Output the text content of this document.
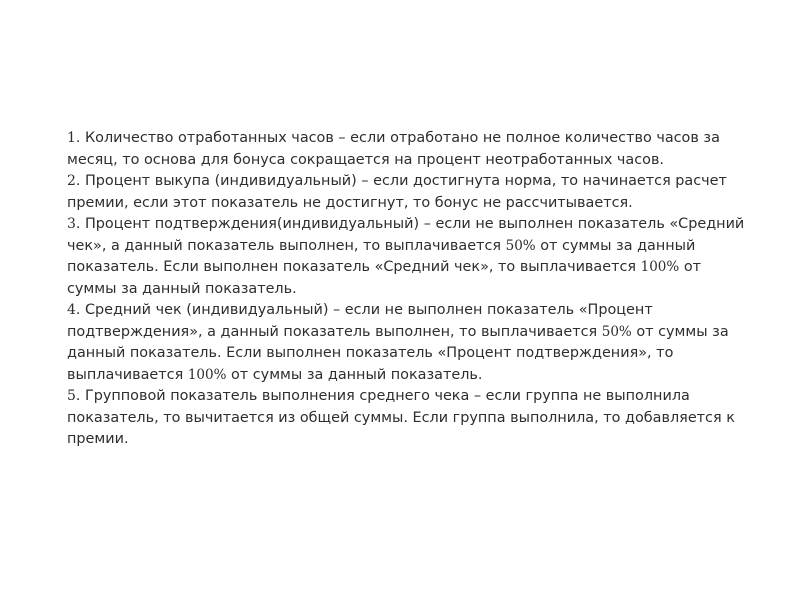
1. Количество отработанных часов – если отработано не полное количество часов за месяц, то основа для бонуса сокращается на процент неотработанных часов.

2. Процент выкупа (индивидуальный) – если достигнута норма, то начинается расчет премии, если этот показатель не достигнут, то бонус не рассчитывается.

3. Процент подтверждения(индивидуальный) – если не выполнен показатель «Средний чек», а данный показатель выполнен, то выплачивается 50% от суммы за данный показатель. Если выполнен показатель «Средний чек», то выплачивается 100% от суммы за данный показатель.

4. Средний чек (индивидуальный) – если не выполнен показатель «Процент подтверждения», а данный показатель выполнен, то выплачивается 50% от суммы за данный показатель. Если выполнен показатель «Процент подтверждения», то выплачивается 100% от суммы за данный показатель.

5. Групповой показатель выполнения среднего чека – если группа не выполнила показатель, то вычитается из общей суммы. Если группа выполнила, то добавляется к премии.
